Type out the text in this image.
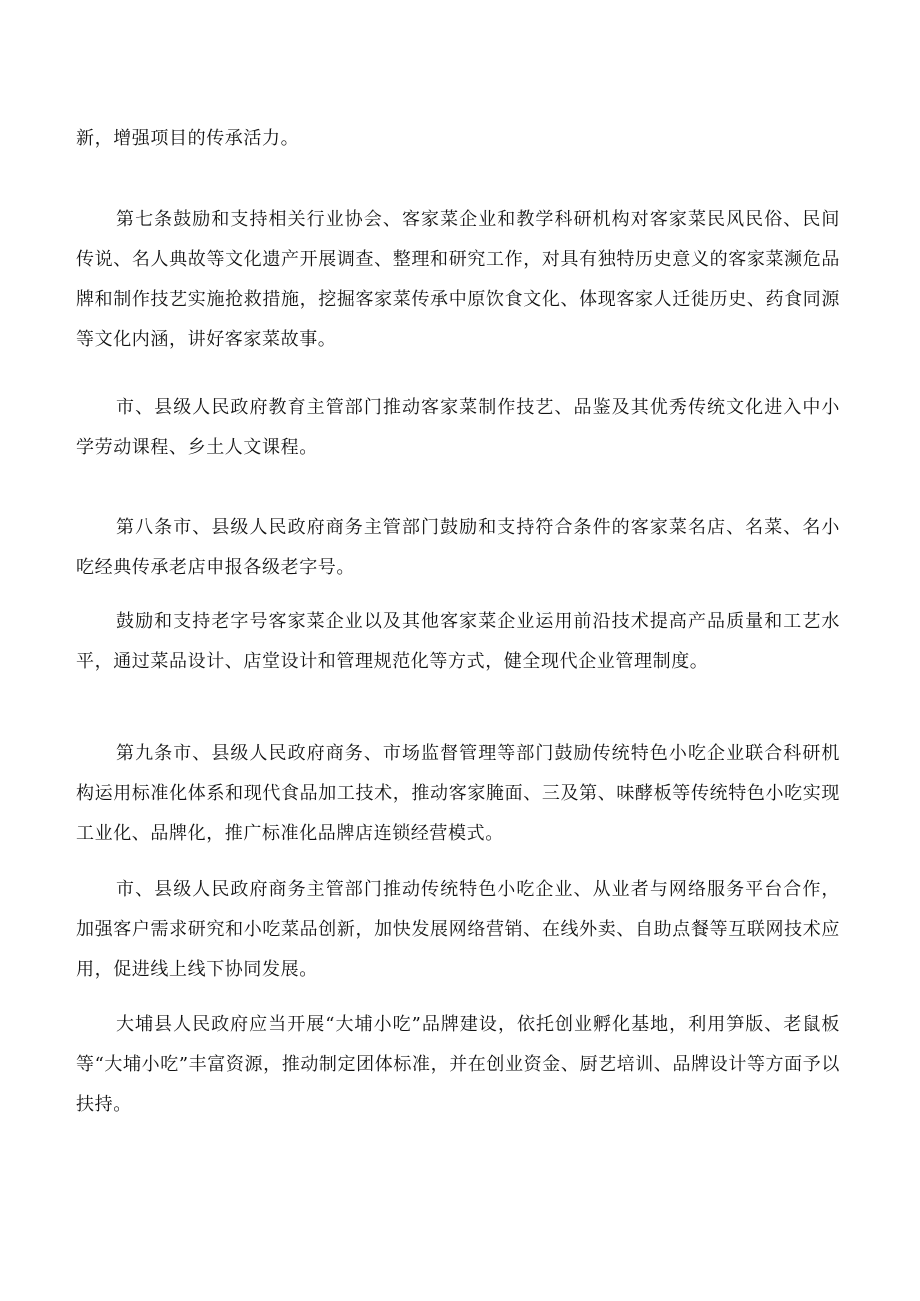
新，增强项目的传承活力。

第七条鼓励和支持相关行业协会、客家菜企业和教学科研机构对客家菜民风民俗、民间传说、名人典故等文化遗产开展调查、整理和研究工作，对具有独特历史意义的客家菜濒危品牌和制作技艺实施抢救措施，挖掘客家菜传承中原饮食文化、体现客家人迁徙历史、药食同源等文化内涵，讲好客家菜故事。

市、县级人民政府教育主管部门推动客家菜制作技艺、品鉴及其优秀传统文化进入中小学劳动课程、乡土人文课程。

第八条市、县级人民政府商务主管部门鼓励和支持符合条件的客家菜名店、名菜、名小吃经典传承老店申报各级老字号。

鼓励和支持老字号客家菜企业以及其他客家菜企业运用前沿技术提高产品质量和工艺水平，通过菜品设计、店堂设计和管理规范化等方式，健全现代企业管理制度。

第九条市、县级人民政府商务、市场监督管理等部门鼓励传统特色小吃企业联合科研机构运用标准化体系和现代食品加工技术，推动客家腌面、三及第、味酵板等传统特色小吃实现工业化、品牌化，推广标准化品牌店连锁经营模式。

市、县级人民政府商务主管部门推动传统特色小吃企业、从业者与网络服务平台合作，加强客户需求研究和小吃菜品创新，加快发展网络营销、在线外卖、自助点餐等互联网技术应用，促进线上线下协同发展。

大埔县人民政府应当开展“大埔小吃”品牌建设，依托创业孵化基地，利用笋版、老鼠板等“大埔小吃”丰富资源，推动制定团体标准，并在创业资金、厨艺培训、品牌设计等方面予以扶持。
